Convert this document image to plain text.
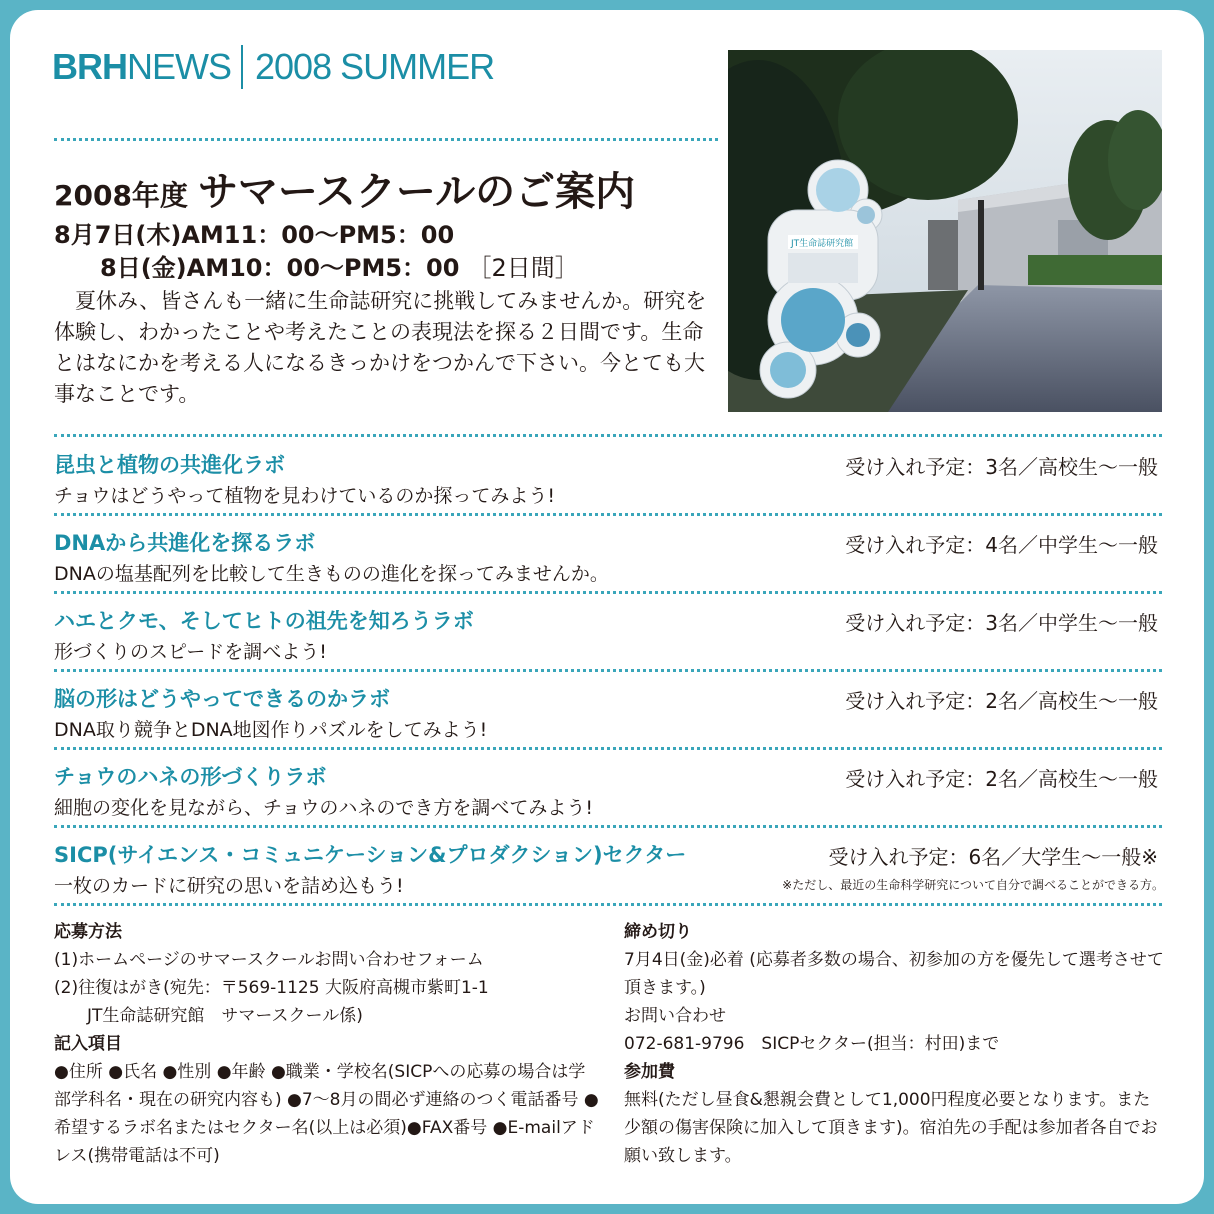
BRH NEWS 2008 SUMMER
2008年度 サマースクールのご案内
8月7日(木)AM11：00～PM5：00
8日(金)AM10：00～PM5：00 ［2日間］
　夏休み、皆さんも一緒に生命誌研究に挑戦してみませんか。研究を体験し、わかったことや考えたことの表現法を探る２日間です。生命とはなにかを考える人になるきっかけをつかんで下さい。今とても大事なことです。
JT生命誌研究館
昆虫と植物の共進化ラボ	受け入れ予定：3名／高校生～一般
チョウはどうやって植物を見わけているのか探ってみよう!
DNAから共進化を探るラボ	受け入れ予定：4名／中学生～一般
DNAの塩基配列を比較して生きものの進化を探ってみませんか。
ハエとクモ、そしてヒトの祖先を知ろうラボ	受け入れ予定：3名／中学生～一般
形づくりのスピードを調べよう!
脳の形はどうやってできるのかラボ	受け入れ予定：2名／高校生～一般
DNA取り競争とDNA地図作りパズルをしてみよう!
チョウのハネの形づくりラボ	受け入れ予定：2名／高校生～一般
細胞の変化を見ながら、チョウのハネのでき方を調べてみよう!
SICP(サイエンス・コミュニケーション&プロダクション)セクター	受け入れ予定：6名／大学生～一般※
一枚のカードに研究の思いを詰め込もう!	※ただし、最近の生命科学研究について自分で調べることができる方。
応募方法
(1)ホームページのサマースクールお問い合わせフォーム
(2)往復はがき(宛先：〒569-1125 大阪府高槻市紫町1-1
JT生命誌研究館　サマースクール係)
記入項目
●住所 ●氏名 ●性別 ●年齢 ●職業・学校名(SICPへの応募の場合は学部学科名・現在の研究内容も) ●7～8月の間必ず連絡のつく電話番号 ●希望するラボ名またはセクター名(以上は必須)●FAX番号 ●E-mailアドレス(携帯電話は不可)
締め切り
7月4日(金)必着 (応募者多数の場合、初参加の方を優先して選考させて頂きます。)
お問い合わせ
072-681-9796　SICPセクター(担当：村田)まで
参加費
無料(ただし昼食&懇親会費として1,000円程度必要となります。また少額の傷害保険に加入して頂きます)。宿泊先の手配は参加者各自でお願い致します。
